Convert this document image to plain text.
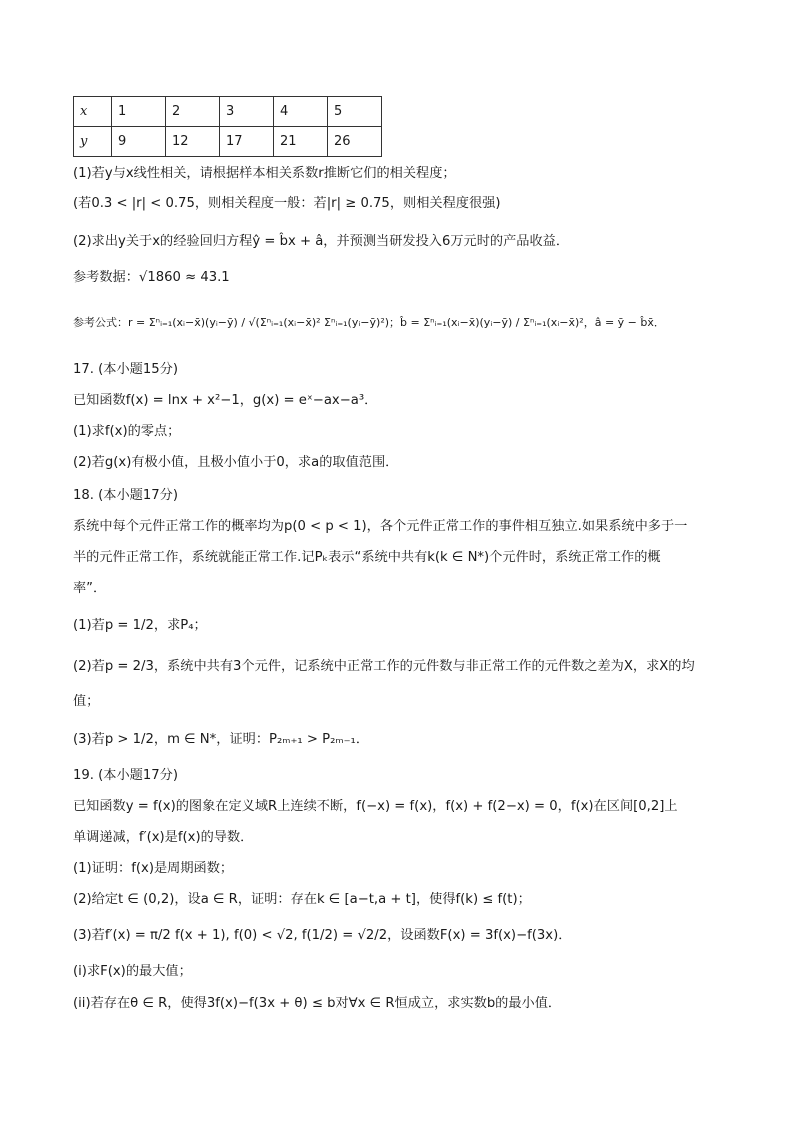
x	1	2	3	4	5
y	9	12	17	21	26
(1)若y与x线性相关，请根据样本相关系数r推断它们的相关程度；
(若0.3 < |r| < 0.75，则相关程度一般：若|r| ≥ 0.75，则相关程度很强)
(2)求出y关于x的经验回归方程ŷ = b̂x + â，并预测当研发投入6万元时的产品收益．
参考数据：√1860 ≈ 43.1
参考公式：r = Σⁿᵢ₌₁(xᵢ−x̄)(yᵢ−ȳ) / √(Σⁿᵢ₌₁(xᵢ−x̄)² Σⁿᵢ₌₁(yᵢ−ȳ)²)；b̂ = Σⁿᵢ₌₁(xᵢ−x̄)(yᵢ−ȳ) / Σⁿᵢ₌₁(xᵢ−x̄)²，â = ȳ − b̂x̄．
17. (本小题15分)
已知函数f(x) = lnx + x²−1，g(x) = eˣ−ax−a³．
(1)求f(x)的零点；
(2)若g(x)有极小值，且极小值小于0，求a的取值范围．
18. (本小题17分)
系统中每个元件正常工作的概率均为p(0 < p < 1)，各个元件正常工作的事件相互独立.如果系统中多于一
半的元件正常工作，系统就能正常工作.记Pₖ表示“系统中共有k(k ∈ N*)个元件时，系统正常工作的概
率”．
(1)若p = 1/2，求P₄；
(2)若p = 2/3，系统中共有3个元件，记系统中正常工作的元件数与非正常工作的元件数之差为X，求X的均
值；
(3)若p > 1/2，m ∈ N*，证明：P₂ₘ₊₁ > P₂ₘ₋₁．
19. (本小题17分)
已知函数y = f(x)的图象在定义域R上连续不断，f(−x) = f(x)，f(x) + f(2−x) = 0，f(x)在区间[0,2]上
单调递减，f′(x)是f(x)的导数．
(1)证明：f(x)是周期函数；
(2)给定t ∈ (0,2)，设a ∈ R，证明：存在k ∈ [a−t,a + t]，使得f(k) ≤ f(t)；
(3)若f′(x) = π/2 f(x + 1), f(0) < √2, f(1/2) = √2/2，设函数F(x) = 3f(x)−f(3x)．
(i)求F(x)的最大值；
(ii)若存在θ ∈ R，使得3f(x)−f(3x + θ) ≤ b对∀x ∈ R恒成立，求实数b的最小值．
